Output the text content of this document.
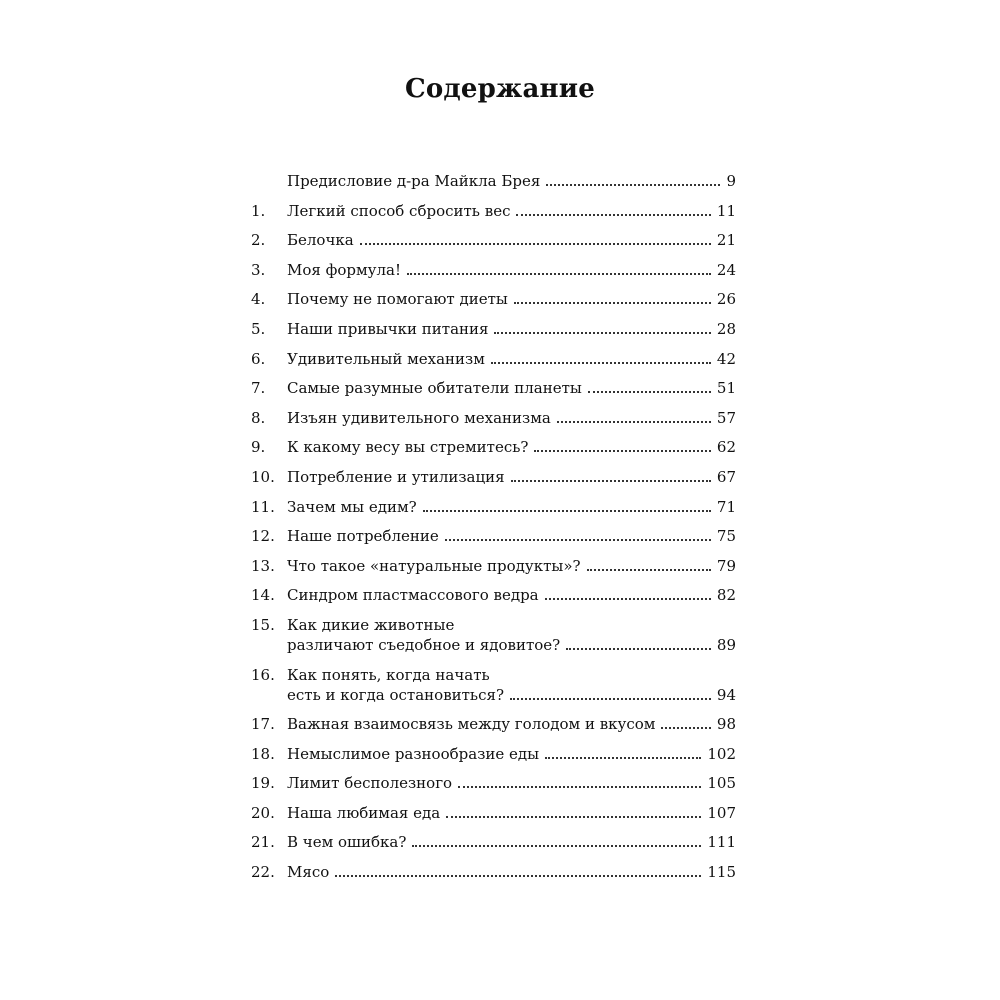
Содержание
Предисловие д-ра Майкла Брея	9
1.	Легкий способ сбросить вес	11
2.	Белочка	21
3.	Моя формула!	24
4.	Почему не помогают диеты	26
5.	Наши привычки питания	28
6.	Удивительный механизм	42
7.	Самые разумные обитатели планеты	51
8.	Изъян удивительного механизма	57
9.	К какому весу вы стремитесь?	62
10. Потребление и утилизация	67
11. Зачем мы едим?	71
12. Наше потребление	75
13. Что такое «натуральные продукты»?	79
14. Синдром пластмассового ведра	82
15. Как дикие животные
различают съедобное и ядовитое?	89
16. Как понять, когда начать
есть и когда остановиться?	94
17. Важная взаимосвязь между голодом и вкусом	98
18. Немыслимое разнообразие еды	102
19. Лимит бесполезного	105
20. Наша любимая еда	107
21. В чем ошибка?	111
22. Мясо	115
